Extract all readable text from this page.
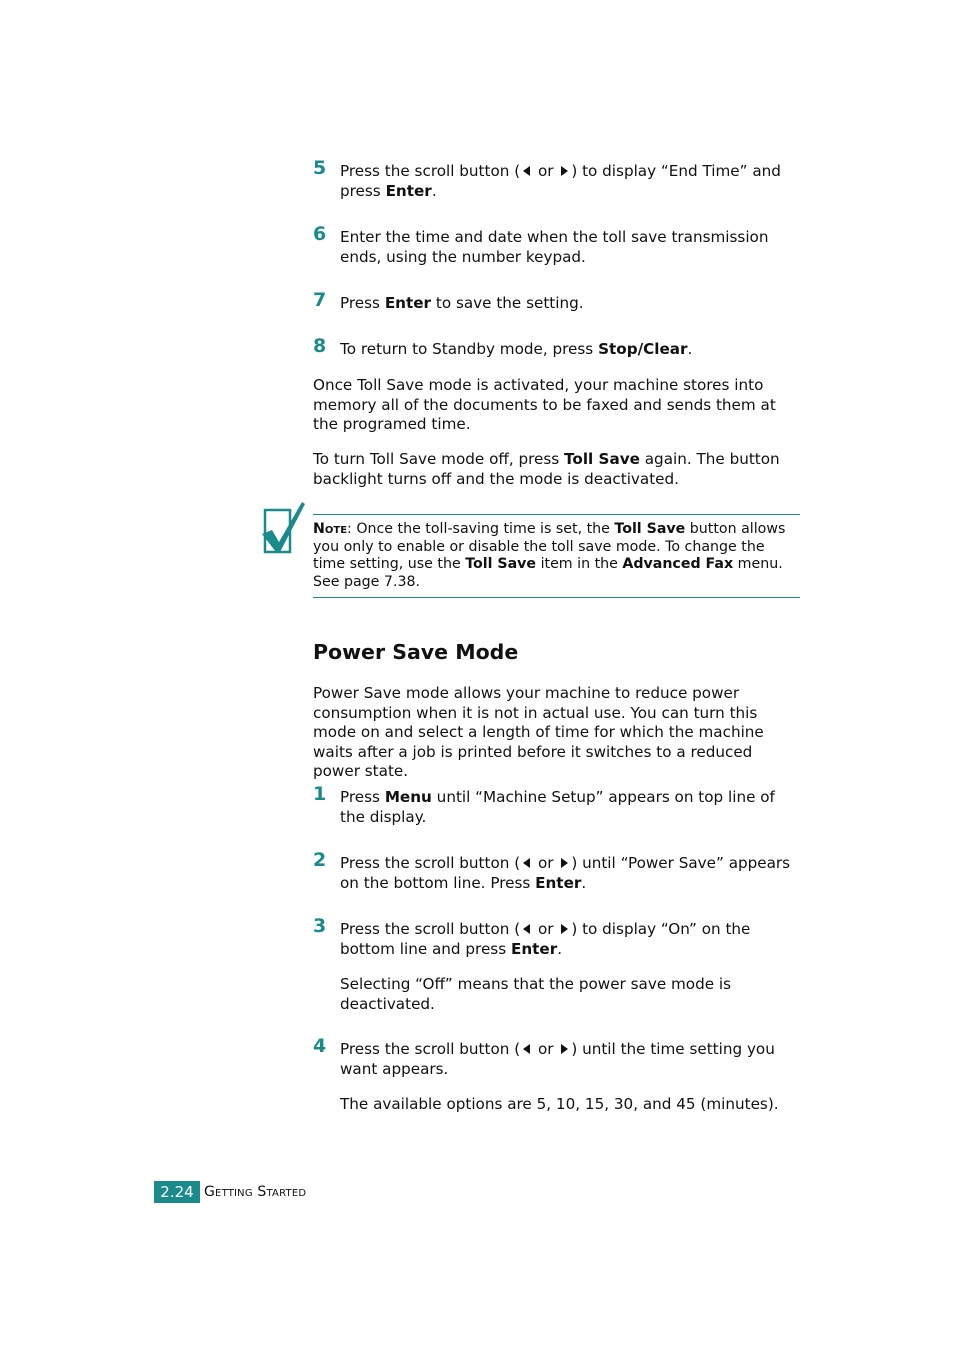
5 Press the scroll button ( or ) to display “End Time” and press Enter.
6 Enter the time and date when the toll save transmission ends, using the number keypad.
7 Press Enter to save the setting.
8 To return to Standby mode, press Stop/Clear.
Once Toll Save mode is activated, your machine stores into memory all of the documents to be faxed and sends them at the programed time.
To turn Toll Save mode off, press Toll Save again. The button backlight turns off and the mode is deactivated.
Note: Once the toll-saving time is set, the Toll Save button allows you only to enable or disable the toll save mode. To change the time setting, use the Toll Save item in the Advanced Fax menu. See page 7.38.
Power Save Mode
Power Save mode allows your machine to reduce power consumption when it is not in actual use. You can turn this mode on and select a length of time for which the machine waits after a job is printed before it switches to a reduced power state.
1 Press Menu until “Machine Setup” appears on top line of the display.
2 Press the scroll button ( or ) until “Power Save” appears on the bottom line. Press Enter.
3 Press the scroll button ( or ) to display “On” on the bottom line and press Enter.
Selecting “Off” means that the power save mode is deactivated.
4 Press the scroll button ( or ) until the time setting you want appears.
The available options are 5, 10, 15, 30, and 45 (minutes).
2.24 Getting Started
